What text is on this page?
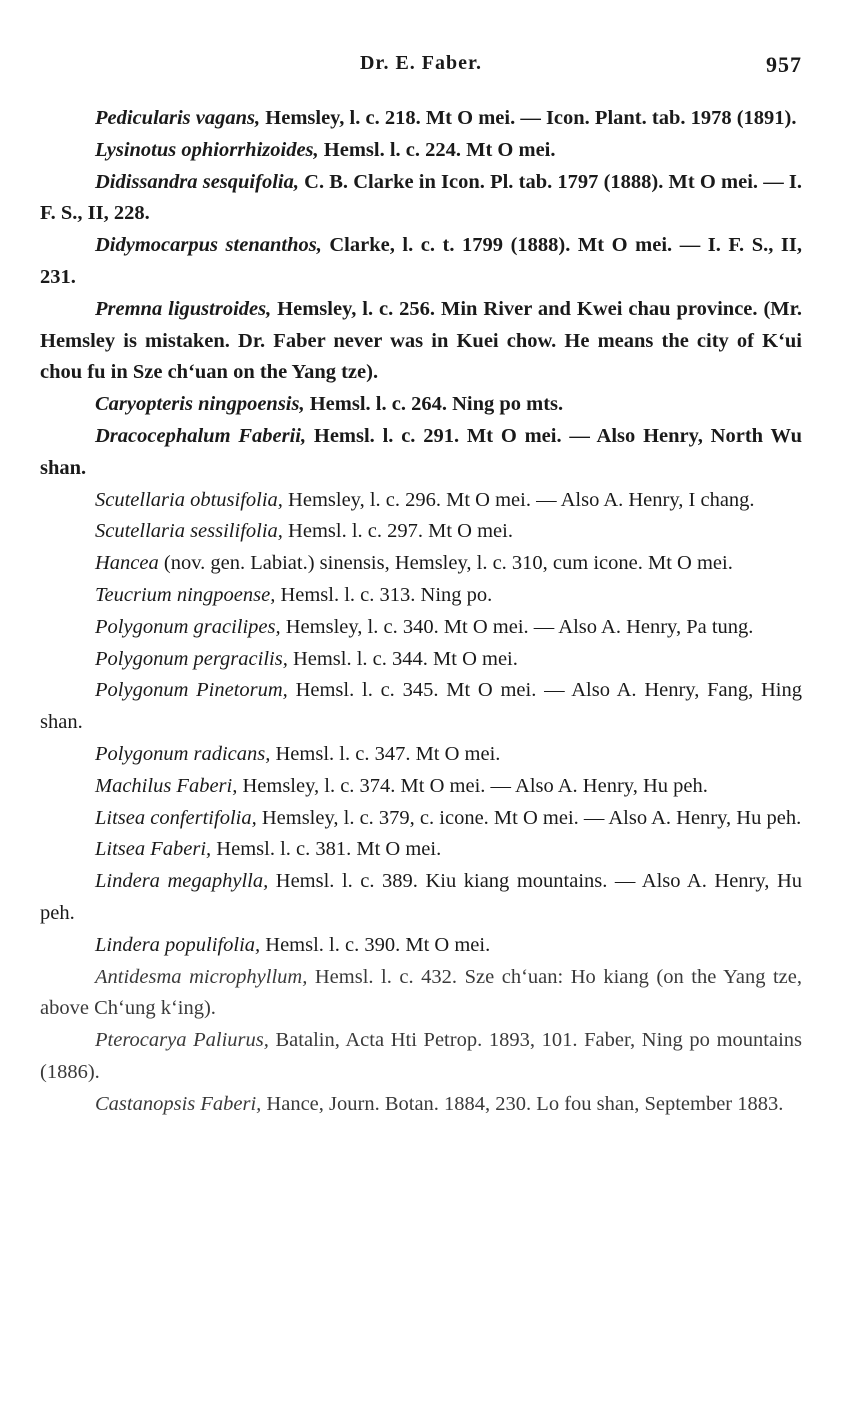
Dr. E. Faber.	957

Pedicularis vagans, Hemsley, l. c. 218. Mt O mei. — Icon. Plant. tab. 1978 (1891).

Lysinotus ophiorrhizoides, Hemsl. l. c. 224. Mt O mei.

Didissandra sesquifolia, C. B. Clarke in Icon. Pl. tab. 1797 (1888). Mt O mei. — I. F. S., II, 228.

Didymocarpus stenanthos, Clarke, l. c. t. 1799 (1888). Mt O mei. — I. F. S., II, 231.

Premna ligustroides, Hemsley, l. c. 256. Min River and Kwei chau province. (Mr. Hemsley is mistaken. Dr. Faber never was in Kuei chow. He means the city of K‘ui chou fu in Sze ch‘uan on the Yang tze).

Caryopteris ningpoensis, Hemsl. l. c. 264. Ning po mts.

Dracocephalum Faberii, Hemsl. l. c. 291. Mt O mei. — Also Henry, North Wu shan.

Scutellaria obtusifolia, Hemsley, l. c. 296. Mt O mei. — Also A. Henry, I chang.

Scutellaria sessilifolia, Hemsl. l. c. 297. Mt O mei.

Hancea (nov. gen. Labiat.) sinensis, Hemsley, l. c. 310, cum icone. Mt O mei.

Teucrium ningpoense, Hemsl. l. c. 313. Ning po.

Polygonum gracilipes, Hemsley, l. c. 340. Mt O mei. — Also A. Henry, Pa tung.

Polygonum pergracilis, Hemsl. l. c. 344. Mt O mei.

Polygonum Pinetorum, Hemsl. l. c. 345. Mt O mei. — Also A. Henry, Fang, Hing shan.

Polygonum radicans, Hemsl. l. c. 347. Mt O mei.

Machilus Faberi, Hemsley, l. c. 374. Mt O mei. — Also A. Henry, Hu peh.

Litsea confertifolia, Hemsley, l. c. 379, c. icone. Mt O mei. — Also A. Henry, Hu peh.

Litsea Faberi, Hemsl. l. c. 381. Mt O mei.

Lindera megaphylla, Hemsl. l. c. 389. Kiu kiang mountains. — Also A. Henry, Hu peh.

Lindera populifolia, Hemsl. l. c. 390. Mt O mei.

Antidesma microphyllum, Hemsl. l. c. 432. Sze ch‘uan: Ho kiang (on the Yang tze, above Ch‘ung k‘ing).

Pterocarya Paliurus, Batalin, Acta Hti Petrop. 1893, 101. Faber, Ning po mountains (1886).

Castanopsis Faberi, Hance, Journ. Botan. 1884, 230. Lo fou shan, September 1883.
